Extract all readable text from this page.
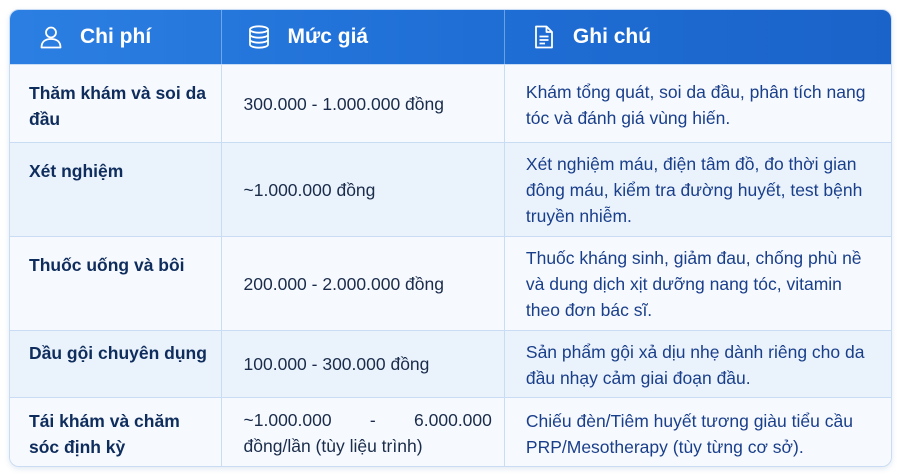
Chi phí	Mức giá	Ghi chú
Thăm khám và soi da đầu
300.000 - 1.000.000 đồng
Khám tổng quát, soi da đầu, phân tích nang tóc và đánh giá vùng hiến.
Xét nghiệm
~1.000.000 đồng
Xét nghiệm máu, điện tâm đồ, đo thời gian đông máu, kiểm tra đường huyết, test bệnh truyền nhiễm.
Thuốc uống và bôi
200.000 - 2.000.000 đồng
Thuốc kháng sinh, giảm đau, chống phù nề và dung dịch xịt dưỡng nang tóc, vitamin theo đơn bác sĩ.
Dầu gội chuyên dụng
100.000 - 300.000 đồng
Sản phẩm gội xả dịu nhẹ dành riêng cho da đầu nhạy cảm giai đoạn đầu.
Tái khám và chăm sóc định kỳ
~1.000.000 - 6.000.000 đồng/lần (tùy liệu trình)
Chiếu đèn/Tiêm huyết tương giàu tiểu cầu PRP/Mesotherapy (tùy từng cơ sở).
